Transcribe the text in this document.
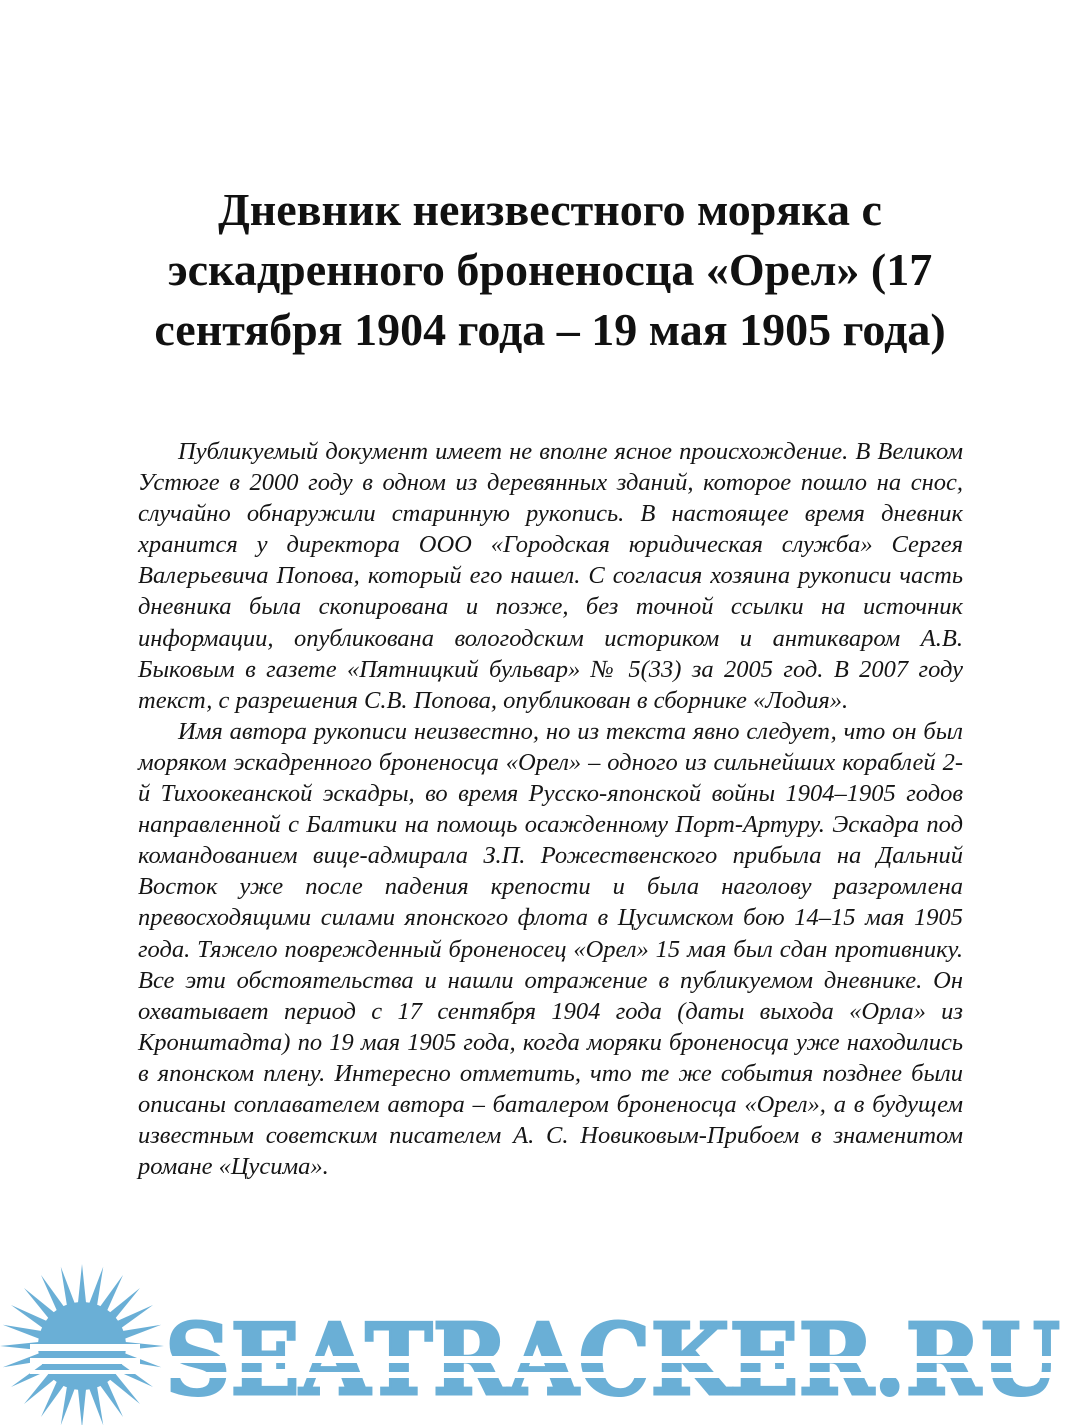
Дневник неизвестного моряка с эскадренного броненосца «Орел» (17 сентября 1904 года – 19 мая 1905 года)

Публикуемый документ имеет не вполне ясное происхождение. В Великом Устюге в 2000 году в одном из деревянных зданий, которое пошло на снос, случайно обнаружили старинную рукопись. В настоящее время дневник хранится у директора ООО «Городская юридическая служба» Сергея Валерьевича Попова, который его нашел. С согласия хозяина рукописи часть дневника была скопирована и позже, без точной ссылки на источник информации, опубликована вологодским историком и антикваром А.В. Быковым в газете «Пятницкий бульвар» № 5(33) за 2005 год. В 2007 году текст, с разрешения С.В. Попова, опубликован в сборнике «Лодия».

Имя автора рукописи неизвестно, но из текста явно следует, что он был моряком эскадренного броненосца «Орел» – одного из сильнейших кораблей 2-й Тихоокеанской эскадры, во время Русско-японской войны 1904–1905 годов направленной с Балтики на помощь осажденному Порт-Артуру. Эскадра под командованием вице-адмирала З.П. Рожественского прибыла на Дальний Восток уже после падения крепости и была наголову разгромлена превосходящими силами японского флота в Цусимском бою 14–15 мая 1905 года. Тяжело поврежденный броненосец «Орел» 15 мая был сдан противнику. Все эти обстоятельства и нашли отражение в публикуемом дневнике. Он охватывает период с 17 сентября 1904 года (даты выхода «Орла» из Кронштадта) по 19 мая 1905 года, когда моряки броненосца уже находились в японском плену. Интересно отметить, что те же события позднее были описаны соплавателем автора – баталером броненосца «Орел», а в будущем известным советским писателем А. С. Новиковым-Прибоем в знаменитом романе «Цусима».
